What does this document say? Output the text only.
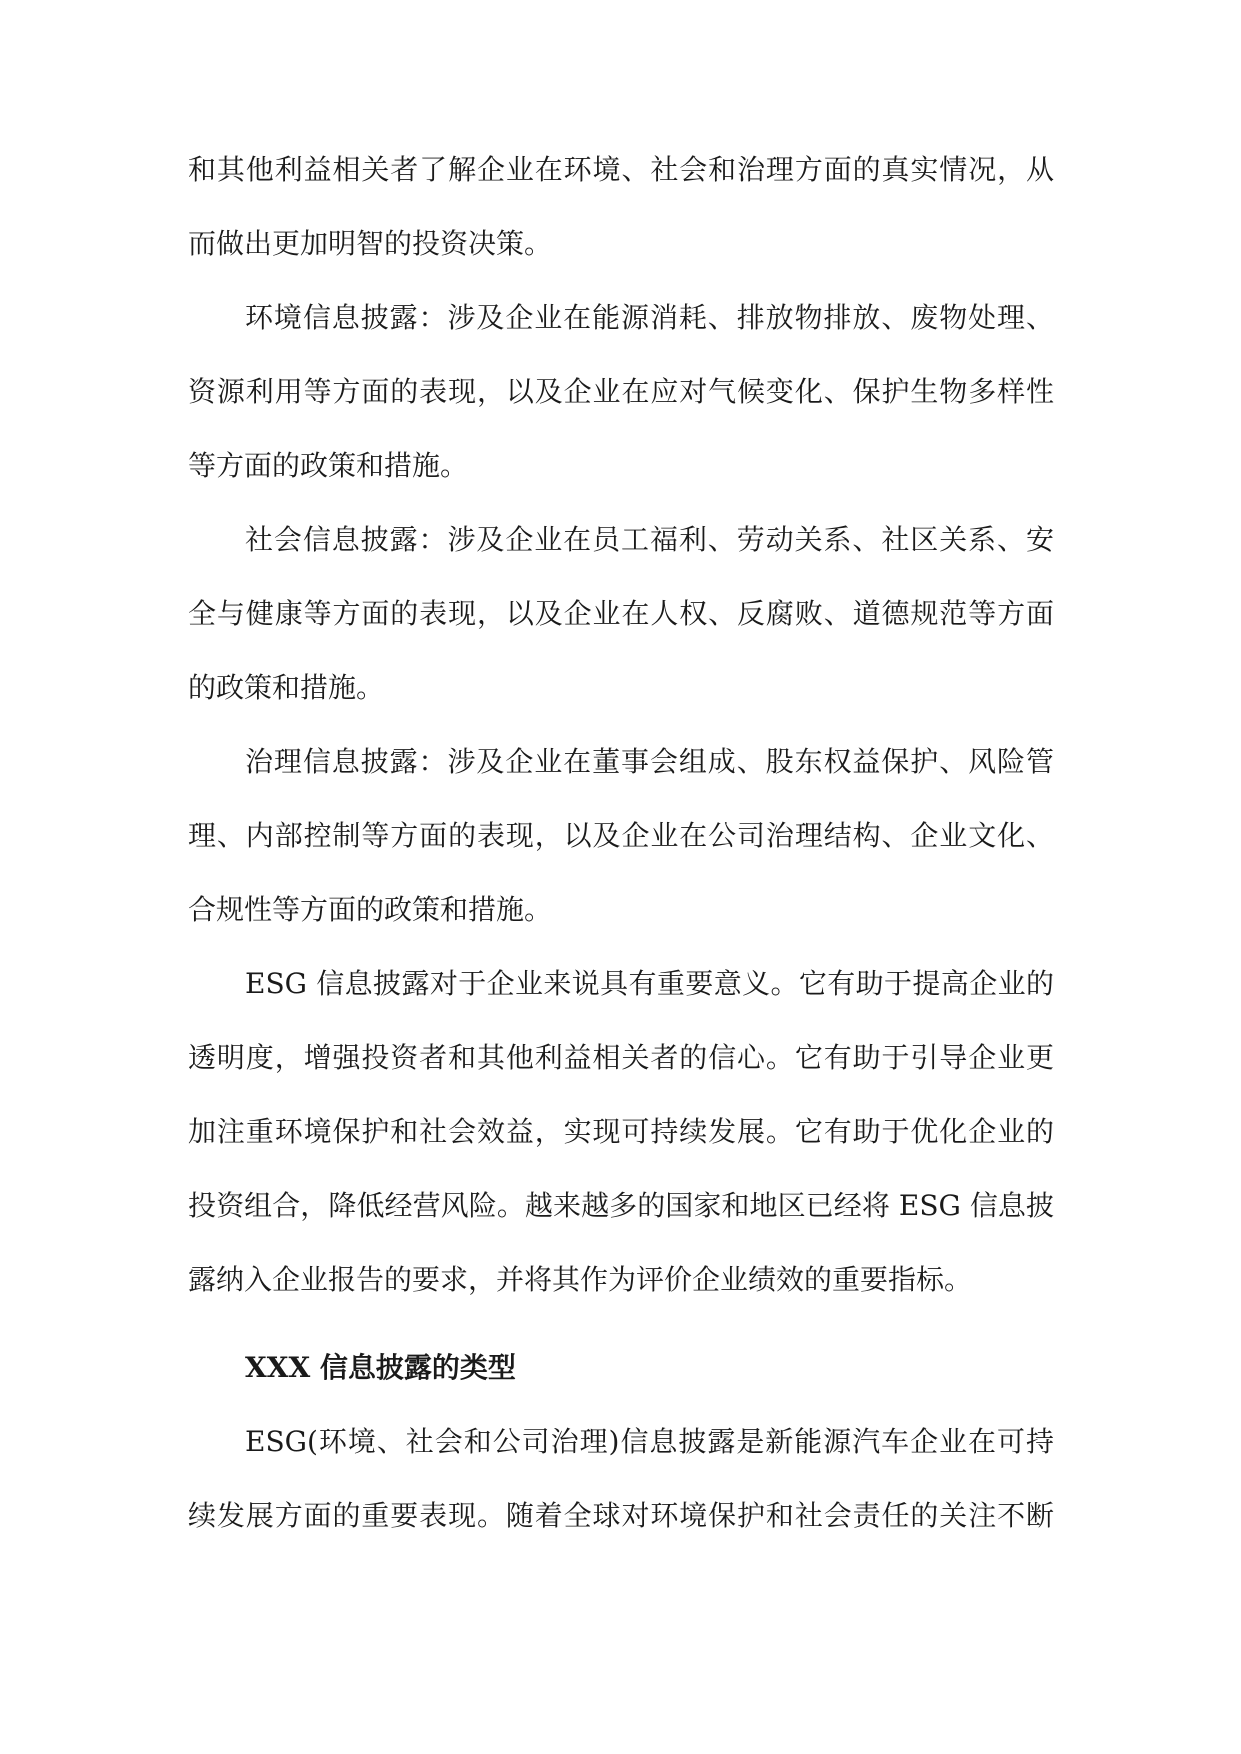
和其他利益相关者了解企业在环境、社会和治理方面的真实情况，从
而做出更加明智的投资决策。
环境信息披露：涉及企业在能源消耗、排放物排放、废物处理、
资源利用等方面的表现，以及企业在应对气候变化、保护生物多样性
等方面的政策和措施。
社会信息披露：涉及企业在员工福利、劳动关系、社区关系、安
全与健康等方面的表现，以及企业在人权、反腐败、道德规范等方面
的政策和措施。
治理信息披露：涉及企业在董事会组成、股东权益保护、风险管
理、内部控制等方面的表现，以及企业在公司治理结构、企业文化、
合规性等方面的政策和措施。
ESG 信息披露对于企业来说具有重要意义。它有助于提高企业的
透明度，增强投资者和其他利益相关者的信心。它有助于引导企业更
加注重环境保护和社会效益，实现可持续发展。它有助于优化企业的
投资组合，降低经营风险。越来越多的国家和地区已经将 ESG 信息披
露纳入企业报告的要求，并将其作为评价企业绩效的重要指标。
XXX 信息披露的类型
ESG(环境、社会和公司治理)信息披露是新能源汽车企业在可持
续发展方面的重要表现。随着全球对环境保护和社会责任的关注不断
